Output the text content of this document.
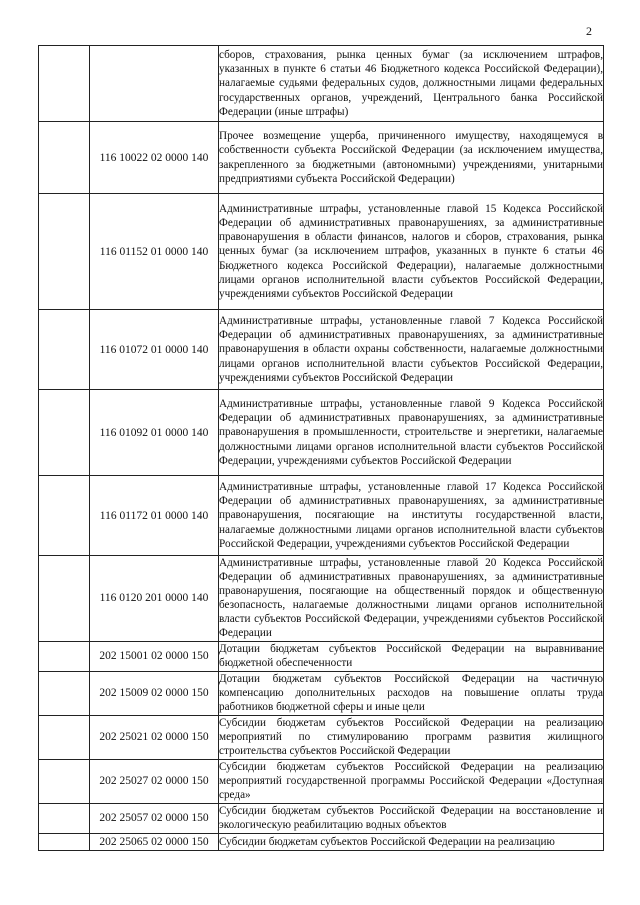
2

		сборов, страхования, рынка ценных бумаг (за исключением штрафов, указанных в пункте 6 статьи 46 Бюджетного кодекса Российской Федерации), налагаемые судьями федеральных судов, должностными лицами федеральных государственных органов, учреждений, Центрального банка Российской Федерации (иные штрафы)

	116 10022 02 0000 140	Прочее возмещение ущерба, причиненного имуществу, находящемуся в собственности субъекта Российской Федерации (за исключением имущества, закрепленного за бюджетными (автономными) учреждениями, унитарными предприятиями субъекта Российской Федерации)

	116 01152 01 0000 140	Административные штрафы, установленные главой 15 Кодекса Российской Федерации об административных правонарушениях, за административные правонарушения в области финансов, налогов и сборов, страхования, рынка ценных бумаг (за исключением штрафов, указанных в пункте 6 статьи 46 Бюджетного кодекса Российской Федерации), налагаемые должностными лицами органов исполнительной власти субъектов Российской Федерации, учреждениями субъектов Российской Федерации

	116 01072 01 0000 140	Административные штрафы, установленные главой 7 Кодекса Российской Федерации об административных правонарушениях, за административные правонарушения в области охраны собственности, налагаемые должностными лицами органов исполнительной власти субъектов Российской Федерации, учреждениями субъектов Российской Федерации

	116 01092 01 0000 140	Административные штрафы, установленные главой 9 Кодекса Российской Федерации об административных правонарушениях, за административные правонарушения в промышленности, строительстве и энергетики, налагаемые должностными лицами органов исполнительной власти субъектов Российской Федерации, учреждениями субъектов Российской Федерации

	116 01172 01 0000 140	Административные штрафы, установленные главой 17 Кодекса Российской Федерации об административных правонарушениях, за административные правонарушения, посягающие на институты государственной власти, налагаемые должностными лицами органов исполнительной власти субъектов Российской Федерации, учреждениями субъектов Российской Федерации

	116 0120 201 0000 140	Административные штрафы, установленные главой 20 Кодекса Российской Федерации об административных правонарушениях, за административные правонарушения, посягающие на общественный порядок и общественную безопасность, налагаемые должностными лицами органов исполнительной власти субъектов Российской Федерации, учреждениями субъектов Российской Федерации

	202 15001 02 0000 150	Дотации бюджетам субъектов Российской Федерации на выравнивание бюджетной обеспеченности

	202 15009 02 0000 150	Дотации бюджетам субъектов Российской Федерации на частичную компенсацию дополнительных расходов на повышение оплаты труда работников бюджетной сферы и иные цели

	202 25021 02 0000 150	Субсидии бюджетам субъектов Российской Федерации на реализацию мероприятий по стимулированию программ развития жилищного строительства субъектов Российской Федерации

	202 25027 02 0000 150	Субсидии бюджетам субъектов Российской Федерации на реализацию мероприятий государственной программы Российской Федерации «Доступная среда»

	202 25057 02 0000 150	Субсидии бюджетам субъектов Российской Федерации на восстановление и экологическую реабилитацию водных объектов

	202 25065 02 0000 150	Субсидии бюджетам субъектов Российской Федерации на реализацию
